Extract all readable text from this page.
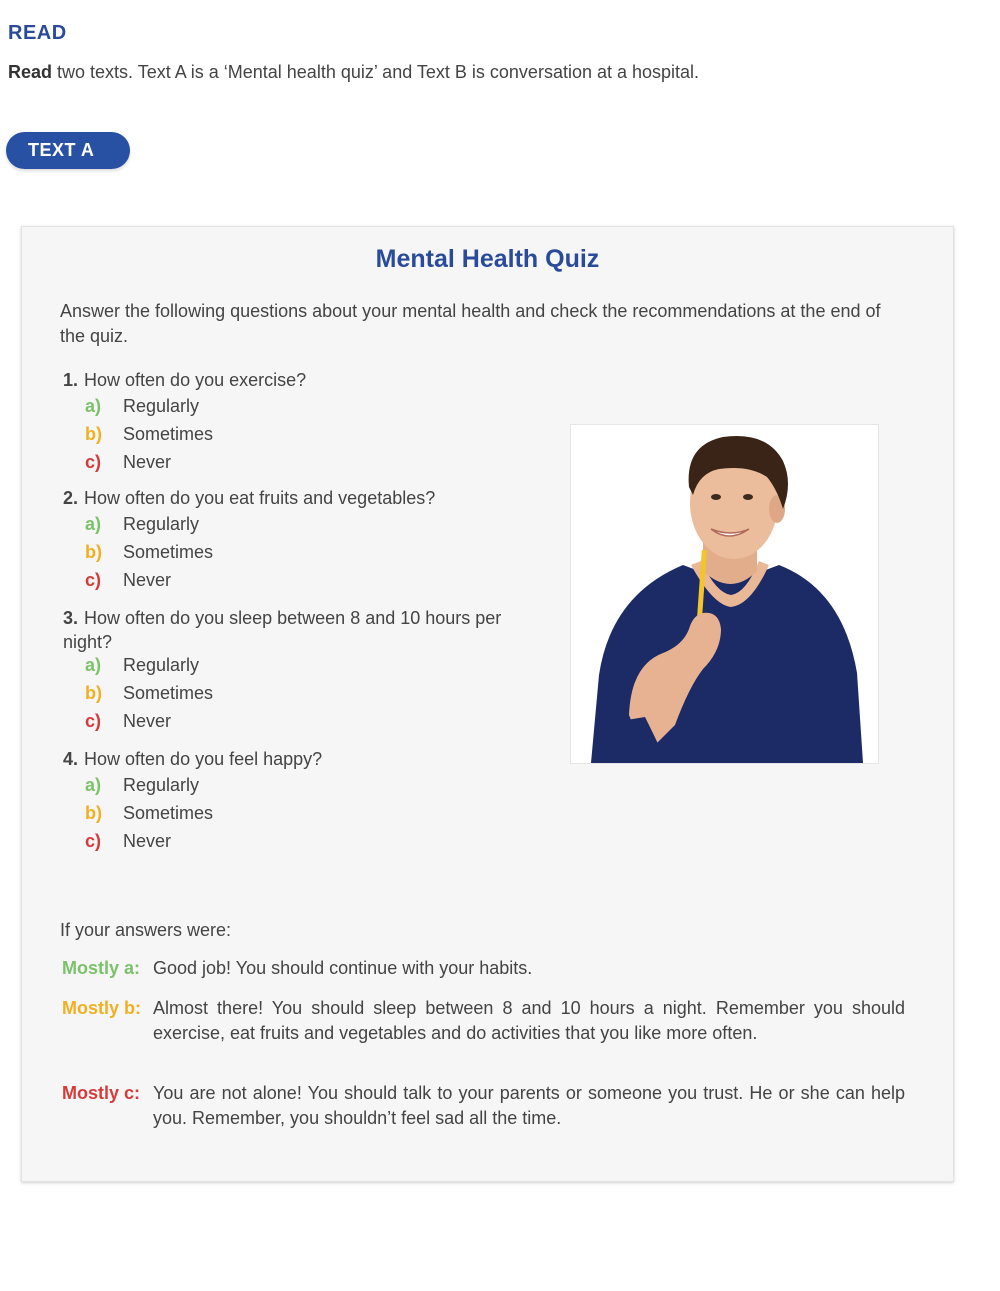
READ
Read two texts. Text A is a ‘Mental health quiz’ and Text B is conversation at a hospital.
TEXT A
Mental Health Quiz
Answer the following questions about your mental health and check the recommendations at the end of the quiz.
1. How often do you exercise?
a) Regularly
b) Sometimes
c) Never
2. How often do you eat fruits and vegetables?
a) Regularly
b) Sometimes
c) Never
3. How often do you sleep between 8 and 10 hours per night?
a) Regularly
b) Sometimes
c) Never
4. How often do you feel happy?
a) Regularly
b) Sometimes
c) Never
If your answers were:
Mostly a: Good job! You should continue with your habits.
Mostly b: Almost there! You should sleep between 8 and 10 hours a night. Remember you should exercise, eat fruits and vegetables and do activities that you like more often.
Mostly c: You are not alone! You should talk to your parents or someone you trust. He or she can help you. Remember, you shouldn’t feel sad all the time.
